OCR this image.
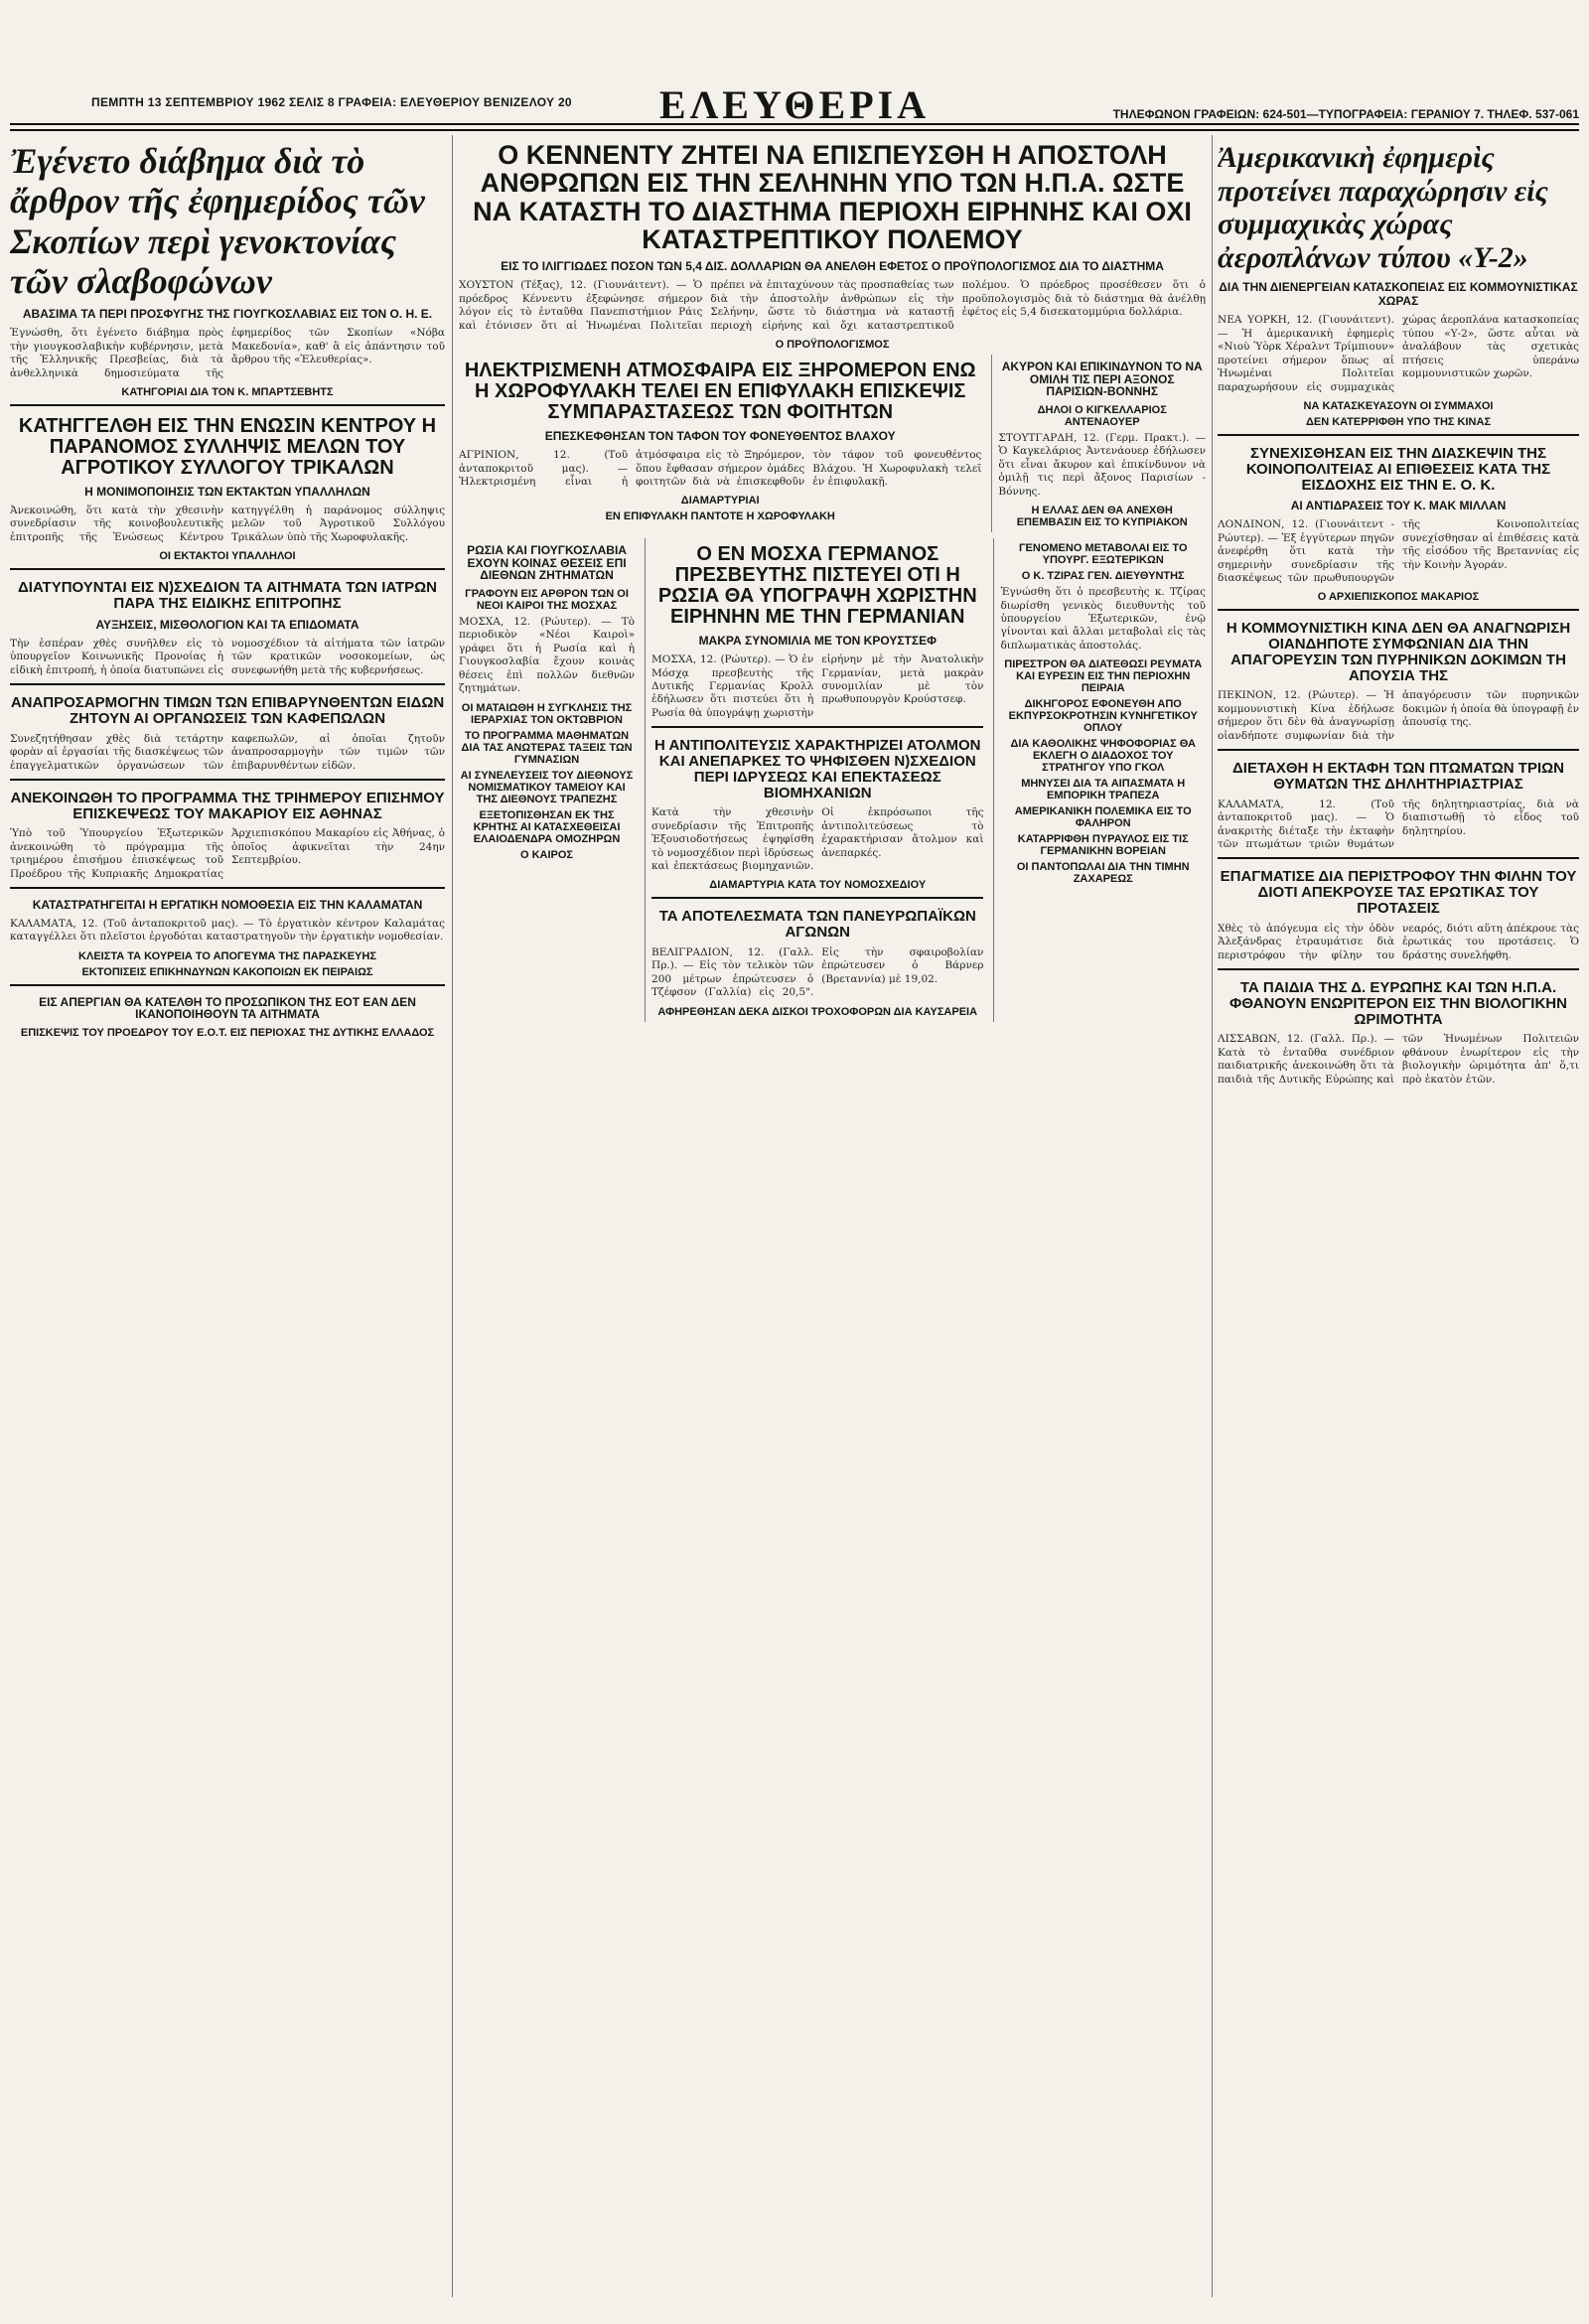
ΠΕΜΠΤΗ 13 ΣΕΠΤΕΜΒΡΙΟΥ 1962 ΣΕΛΙΣ 8 ΓΡΑΦΕΙΑ: ΕΛΕΥΘΕΡΙΟΥ ΒΕΝΙΖΕΛΟΥ 20	ΕΛΕΥΘΕΡΙΑ	ΤΗΛΕΦΩΝΟΝ ΓΡΑΦΕΙΩΝ: 624-501—ΤΥΠΟΓΡΑΦΕΙΑ: ΓΕΡΑΝΙΟΥ 7. ΤΗΛΕΦ. 537-061
Ἐγένετο διάβημα διὰ τὸ ἄρθρον τῆς ἐφημερίδος τῶν Σκοπίων περὶ γενοκτονίας τῶν σλαβοφώνων
ΑΒΑΣΙΜΑ ΤΑ ΠΕΡΙ ΠΡΟΣΦΥΓΗΣ ΤΗΣ ΓΙΟΥΓΚΟΣΛΑΒΙΑΣ ΕΙΣ ΤΟΝ Ο. Η. Ε.
Ἐγνώσθη, ὅτι ἐγένετο διάβημα πρὸς τὴν γιουγκοσλαβικὴν κυβέρνησιν, μετὰ τῆς Ἑλληνικῆς Πρεσβείας, διὰ τὰ ἀνθελληνικὰ δημοσιεύματα τῆς ἐφημερίδος τῶν Σκοπίων «Νόβα Μακεδονία», καθ' ἃ εἰς ἀπάντησιν τοῦ ἄρθρου τῆς «Ἐλευθερίας».
ΚΑΤΗΓΟΡΙΑΙ ΔΙΑ ΤΟΝ Κ. ΜΠΑΡΤΣΕΒΗΤΣ
ΚΑΤΗΓΓΕΛΘΗ ΕΙΣ ΤΗΝ ΕΝΩΣΙΝ ΚΕΝΤΡΟΥ Η ΠΑΡΑΝΟΜΟΣ ΣΥΛΛΗΨΙΣ ΜΕΛΩΝ ΤΟΥ ΑΓΡΟΤΙΚΟΥ ΣΥΛΛΟΓΟΥ ΤΡΙΚΑΛΩΝ
Η ΜΟΝΙΜΟΠΟΙΗΣΙΣ ΤΩΝ ΕΚΤΑΚΤΩΝ ΥΠΑΛΛΗΛΩΝ
Ἀνεκοινώθη, ὅτι κατὰ τὴν χθεσινὴν συνεδρίασιν τῆς κοινοβουλευτικῆς ἐπιτροπῆς τῆς Ἑνώσεως Κέντρου κατηγγέλθη ἡ παράνομος σύλληψις μελῶν τοῦ Ἀγροτικοῦ Συλλόγου Τρικάλων ὑπὸ τῆς Χωροφυλακῆς.
ΟΙ ΕΚΤΑΚΤΟΙ ΥΠΑΛΛΗΛΟΙ
ΔΙΑΤΥΠΟΥΝΤΑΙ ΕΙΣ Ν)ΣΧΕΔΙΟΝ ΤΑ ΑΙΤΗΜΑΤΑ ΤΩΝ ΙΑΤΡΩΝ ΠΑΡΑ ΤΗΣ ΕΙΔΙΚΗΣ ΕΠΙΤΡΟΠΗΣ
ΑΥΞΗΣΕΙΣ, ΜΙΣΘΟΛΟΓΙΟΝ ΚΑΙ ΤΑ ΕΠΙΔΟΜΑΤΑ
Τὴν ἑσπέραν χθὲς συνῆλθεν εἰς τὸ ὑπουργεῖον Κοινωνικῆς Προνοίας ἡ εἰδικὴ ἐπιτροπή, ἡ ὁποία διατυπώνει εἰς νομοσχέδιον τὰ αἰτήματα τῶν ἰατρῶν τῶν κρατικῶν νοσοκομείων, ὡς συνεφωνήθη μετὰ τῆς κυβερνήσεως.
ΑΝΑΠΡΟΣΑΡΜΟΓΗΝ ΤΙΜΩΝ ΤΩΝ ΕΠΙΒΑΡΥΝΘΕΝΤΩΝ ΕΙΔΩΝ ΖΗΤΟΥΝ ΑΙ ΟΡΓΑΝΩΣΕΙΣ ΤΩΝ ΚΑΦΕΠΩΛΩΝ
Συνεζητήθησαν χθὲς διὰ τετάρτην φορὰν αἱ ἐργασίαι τῆς διασκέψεως τῶν ἐπαγγελματικῶν ὀργανώσεων τῶν καφεπωλῶν, αἱ ὁποῖαι ζητοῦν ἀναπροσαρμογὴν τῶν τιμῶν τῶν ἐπιβαρυνθέντων εἰδῶν.
ΑΝΕΚΟΙΝΩΘΗ ΤΟ ΠΡΟΓΡΑΜΜΑ ΤΗΣ ΤΡΙΗΜΕΡΟΥ ΕΠΙΣΗΜΟΥ ΕΠΙΣΚΕΨΕΩΣ ΤΟΥ ΜΑΚΑΡΙΟΥ ΕΙΣ ΑΘΗΝΑΣ
Ὑπὸ τοῦ Ὑπουργείου Ἐξωτερικῶν ἀνεκοινώθη τὸ πρόγραμμα τῆς τριημέρου ἐπισήμου ἐπισκέψεως τοῦ Προέδρου τῆς Κυπριακῆς Δημοκρατίας Ἀρχιεπισκόπου Μακαρίου εἰς Ἀθήνας, ὁ ὁποῖος ἀφικνεῖται τὴν 24ην Σεπτεμβρίου.
ΚΑΤΑΣΤΡΑΤΗΓΕΙΤΑΙ Η ΕΡΓΑΤΙΚΗ ΝΟΜΟΘΕΣΙΑ ΕΙΣ ΤΗΝ ΚΑΛΑΜΑΤΑΝ
ΚΑΛΑΜΑΤΑ, 12. (Τοῦ ἀνταποκριτοῦ μας). — Τὸ ἐργατικὸν κέντρον Καλαμάτας καταγγέλλει ὅτι πλεῖστοι ἐργοδόται καταστρατηγοῦν τὴν ἐργατικὴν νομοθεσίαν.
ΚΛΕΙΣΤΑ ΤΑ ΚΟΥΡΕΙΑ ΤΟ ΑΠΟΓΕΥΜΑ ΤΗΣ ΠΑΡΑΣΚΕΥΗΣ
ΕΚΤΟΠΙΣΕΙΣ ΕΠΙΚΗΝΔΥΝΩΝ ΚΑΚΟΠΟΙΩΝ ΕΚ ΠΕΙΡΑΙΩΣ
ΕΙΣ ΑΠΕΡΓΙΑΝ ΘΑ ΚΑΤΕΛΘΗ ΤΟ ΠΡΟΣΩΠΙΚΟΝ ΤΗΣ ΕΟΤ ΕΑΝ ΔΕΝ ΙΚΑΝΟΠΟΙΗΘΟΥΝ ΤΑ ΑΙΤΗΜΑΤΑ
ΕΠΙΣΚΕΨΙΣ ΤΟΥ ΠΡΟΕΔΡΟΥ ΤΟΥ Ε.Ο.Τ. ΕΙΣ ΠΕΡΙΟΧΑΣ ΤΗΣ ΔΥΤΙΚΗΣ ΕΛΛΑΔΟΣ
Ο ΚΕΝΝΕΝΤΥ ΖΗΤΕΙ ΝΑ ΕΠΙΣΠΕΥΣΘΗ Η ΑΠΟΣΤΟΛΗ ΑΝΘΡΩΠΩΝ ΕΙΣ ΤΗΝ ΣΕΛΗΝΗΝ ΥΠΟ ΤΩΝ Η.Π.Α. ΩΣΤΕ ΝΑ ΚΑΤΑΣΤΗ ΤΟ ΔΙΑΣΤΗΜΑ ΠΕΡΙΟΧΗ ΕΙΡΗΝΗΣ ΚΑΙ ΟΧΙ ΚΑΤΑΣΤΡΕΠΤΙΚΟΥ ΠΟΛΕΜΟΥ
ΕΙΣ ΤΟ ΙΛΙΓΓΙΩΔΕΣ ΠΟΣΟΝ ΤΩΝ 5,4 ΔΙΣ. ΔΟΛΛΑΡΙΩΝ ΘΑ ΑΝΕΛΘΗ ΕΦΕΤΟΣ Ο ΠΡΟΫΠΟΛΟΓΙΣΜΟΣ ΔΙΑ ΤΟ ΔΙΑΣΤΗΜΑ
ΧΟΥΣΤΟΝ (Τέξας), 12. (Γιουνάιτεντ). — Ὁ πρόεδρος Κέννεντυ ἐξεφώνησε σήμερον λόγον εἰς τὸ ἐνταῦθα Πανεπιστήμιον Ράις καὶ ἐτόνισεν ὅτι αἱ Ἡνωμέναι Πολιτεῖαι πρέπει νὰ ἐπιταχύνουν τὰς προσπαθείας των διὰ τὴν ἀποστολὴν ἀνθρώπων εἰς τὴν Σελήνην, ὥστε τὸ διάστημα νὰ καταστῇ περιοχὴ εἰρήνης καὶ ὄχι καταστρεπτικοῦ πολέμου. Ὁ πρόεδρος προσέθεσεν ὅτι ὁ προϋπολογισμὸς διὰ τὸ διάστημα θὰ ἀνέλθῃ ἐφέτος εἰς 5,4 δισεκατομμύρια δολλάρια.
Ο ΠΡΟΫΠΟΛΟΓΙΣΜΟΣ
ΗΛΕΚΤΡΙΣΜΕΝΗ ΑΤΜΟΣΦΑΙΡΑ ΕΙΣ ΞΗΡΟΜΕΡΟΝ ΕΝΩ Η ΧΩΡΟΦΥΛΑΚΗ ΤΕΛΕΙ ΕΝ ΕΠΙΦΥΛΑΚΗ ΕΠΙΣΚΕΨΙΣ ΣΥΜΠΑΡΑΣΤΑΣΕΩΣ ΤΩΝ ΦΟΙΤΗΤΩΝ
ΕΠΕΣΚΕΦΘΗΣΑΝ ΤΟΝ ΤΑΦΟΝ ΤΟΥ ΦΟΝΕΥΘΕΝΤΟΣ ΒΛΑΧΟΥ
ΑΓΡΙΝΙΟΝ, 12. (Τοῦ ἀνταποκριτοῦ μας). — Ἠλεκτρισμένη εἶναι ἡ ἀτμόσφαιρα εἰς τὸ Ξηρόμερον, ὅπου ἔφθασαν σήμερον ὁμάδες φοιτητῶν διὰ νὰ ἐπισκεφθοῦν τὸν τάφον τοῦ φονευθέντος Βλάχου. Ἡ Χωροφυλακὴ τελεῖ ἐν ἐπιφυλακῇ.
ΔΙΑΜΑΡΤΥΡΙΑΙ
ΕΝ ΕΠΙΦΥΛΑΚΗ ΠΑΝΤΟΤΕ Η ΧΩΡΟΦΥΛΑΚΗ
ΑΚΥΡΟΝ ΚΑΙ ΕΠΙΚΙΝΔΥΝΟΝ ΤΟ ΝΑ ΟΜΙΛΗ ΤΙΣ ΠΕΡΙ ΑΞΟΝΟΣ ΠΑΡΙΣΙΩΝ-ΒΟΝΝΗΣ
ΔΗΛΟΙ Ο ΚΙΓΚΕΛΛΑΡΙΟΣ ΑΝΤΕΝΑΟΥΕΡ
ΣΤΟΥΤΓΑΡΔΗ, 12. (Γερμ. Πρακτ.). — Ὁ Καγκελάριος Ἀντενάουερ ἐδήλωσεν ὅτι εἶναι ἄκυρον καὶ ἐπικίνδυνον νὰ ὁμιλῇ τις περὶ ἄξονος Παρισίων - Βόννης.
Η ΕΛΛΑΣ ΔΕΝ ΘΑ ΑΝΕΧΘΗ ΕΠΕΜΒΑΣΙΝ ΕΙΣ ΤΟ ΚΥΠΡΙΑΚΟΝ
ΡΩΣΙΑ ΚΑΙ ΓΙΟΥΓΚΟΣΛΑΒΙΑ ΕΧΟΥΝ ΚΟΙΝΑΣ ΘΕΣΕΙΣ ΕΠΙ ΔΙΕΘΝΩΝ ΖΗΤΗΜΑΤΩΝ
ΓΡΑΦΟΥΝ ΕΙΣ ΑΡΘΡΟΝ ΤΩΝ ΟΙ ΝΕΟΙ ΚΑΙΡΟΙ ΤΗΣ ΜΟΣΧΑΣ
ΜΟΣΧΑ, 12. (Ρώυτερ). — Τὸ περιοδικὸν «Νέοι Καιροὶ» γράφει ὅτι ἡ Ρωσία καὶ ἡ Γιουγκοσλαβία ἔχουν κοινὰς θέσεις ἐπὶ πολλῶν διεθνῶν ζητημάτων.
ΟΙ ΜΑΤΑΙΩΘΗ Η ΣΥΓΚΛΗΣΙΣ ΤΗΣ ΙΕΡΑΡΧΙΑΣ ΤΟΝ ΟΚΤΩΒΡΙΟΝ
ΤΟ ΠΡΟΓΡΑΜΜΑ ΜΑΘΗΜΑΤΩΝ ΔΙΑ ΤΑΣ ΑΝΩΤΕΡΑΣ ΤΑΞΕΙΣ ΤΩΝ ΓΥΜΝΑΣΙΩΝ
ΑΙ ΣΥΝΕΛΕΥΣΕΙΣ ΤΟΥ ΔΙΕΘΝΟΥΣ ΝΟΜΙΣΜΑΤΙΚΟΥ ΤΑΜΕΙΟΥ ΚΑΙ ΤΗΣ ΔΙΕΘΝΟΥΣ ΤΡΑΠΕΖΗΣ
ΕΞΕΤΟΠΙΣΘΗΣΑΝ ΕΚ ΤΗΣ ΚΡΗΤΗΣ ΑΙ ΚΑΤΑΣΧΕΘΕΙΣΑΙ ΕΛΑΙΟΔΕΝΔΡΑ ΟΜΟΖΗΡΩΝ
Ο ΚΑΙΡΟΣ
Ο ΕΝ ΜΟΣΧΑ ΓΕΡΜΑΝΟΣ ΠΡΕΣΒΕΥΤΗΣ ΠΙΣΤΕΥΕΙ ΟΤΙ Η ΡΩΣΙΑ ΘΑ ΥΠΟΓΡΑΨΗ ΧΩΡΙΣΤΗΝ ΕΙΡΗΝΗΝ ΜΕ ΤΗΝ ΓΕΡΜΑΝΙΑΝ
ΜΑΚΡΑ ΣΥΝΟΜΙΛΙΑ ΜΕ ΤΟΝ ΚΡΟΥΣΤΣΕΦ
ΜΟΣΧΑ, 12. (Ρώυτερ). — Ὁ ἐν Μόσχᾳ πρεσβευτὴς τῆς Δυτικῆς Γερμανίας Κρολλ ἐδήλωσεν ὅτι πιστεύει ὅτι ἡ Ρωσία θὰ ὑπογράψῃ χωριστὴν εἰρήνην μὲ τὴν Ἀνατολικὴν Γερμανίαν, μετὰ μακρὰν συνομιλίαν μὲ τὸν πρωθυπουργὸν Κρούστσεφ.
Η ΑΝΤΙΠΟΛΙΤΕΥΣΙΣ ΧΑΡΑΚΤΗΡΙΖΕΙ ΑΤΟΛΜΟΝ ΚΑΙ ΑΝΕΠΑΡΚΕΣ ΤΟ ΨΗΦΙΣΘΕΝ Ν)ΣΧΕΔΙΟΝ ΠΕΡΙ ΙΔΡΥΣΕΩΣ ΚΑΙ ΕΠΕΚΤΑΣΕΩΣ ΒΙΟΜΗΧΑΝΙΩΝ
Κατὰ τὴν χθεσινὴν συνεδρίασιν τῆς Ἐπιτροπῆς Ἐξουσιοδοτήσεως ἐψηφίσθη τὸ νομοσχέδιον περὶ ἱδρύσεως καὶ ἐπεκτάσεως βιομηχανιῶν. Οἱ ἐκπρόσωποι τῆς ἀντιπολιτεύσεως τὸ ἐχαρακτήρισαν ἄτολμον καὶ ἀνεπαρκές.
ΔΙΑΜΑΡΤΥΡΙΑ ΚΑΤΑ ΤΟΥ ΝΟΜΟΣΧΕΔΙΟΥ
ΤΑ ΑΠΟΤΕΛΕΣΜΑΤΑ ΤΩΝ ΠΑΝΕΥΡΩΠΑΪΚΩΝ ΑΓΩΝΩΝ
ΒΕΛΙΓΡΑΔΙΟΝ, 12. (Γαλλ. Πρ.). — Εἰς τὸν τελικὸν τῶν 200 μέτρων ἐπρώτευσεν ὁ Τζέφσον (Γαλλία) εἰς 20,5". Εἰς τὴν σφαιροβολίαν ἐπρώτευσεν ὁ Βάρνερ (Βρεταννία) μὲ 19,02.
ΑΦΗΡΕΘΗΣΑΝ ΔΕΚΑ ΔΙΣΚΟΙ ΤΡΟΧΟΦΟΡΩΝ ΔΙΑ ΚΑΥΣΑΡΕΙΑ
ΓΕΝΟΜΕΝΟ ΜΕΤΑΒΟΛΑΙ ΕΙΣ ΤΟ ΥΠΟΥΡΓ. ΕΞΩΤΕΡΙΚΩΝ
Ο Κ. ΤΖΙΡΑΣ ΓΕΝ. ΔΙΕΥΘΥΝΤΗΣ
Ἐγνώσθη ὅτι ὁ πρεσβευτὴς κ. Τζίρας διωρίσθη γενικὸς διευθυντὴς τοῦ ὑπουργείου Ἐξωτερικῶν, ἐνῷ γίνονται καὶ ἄλλαι μεταβολαὶ εἰς τὰς διπλωματικὰς ἀποστολάς.
ΠΙΡΕΣΤΡΟΝ ΘΑ ΔΙΑΤΕΘΩΣΙ ΡΕΥΜΑΤΑ ΚΑΙ ΕΥΡΕΣΙΝ ΕΙΣ ΤΗΝ ΠΕΡΙΟΧΗΝ ΠΕΙΡΑΙΑ
ΔΙΚΗΓΟΡΟΣ ΕΦΟΝΕΥΘΗ ΑΠΟ ΕΚΠΥΡΣΟΚΡΟΤΗΣΙΝ ΚΥΝΗΓΕΤΙΚΟΥ ΟΠΛΟΥ
ΔΙΑ ΚΑΘΟΛΙΚΗΣ ΨΗΦΟΦΟΡΙΑΣ ΘΑ ΕΚΛΕΓΗ Ο ΔΙΑΔΟΧΟΣ ΤΟΥ ΣΤΡΑΤΗΓΟΥ ΥΠΟ ΓΚΟΛ
ΜΗΝΥΣΕΙ ΔΙΑ ΤΑ ΑΙΠΑΣΜΑΤΑ Η ΕΜΠΟΡΙΚΗ ΤΡΑΠΕΖΑ
ΑΜΕΡΙΚΑΝΙΚΗ ΠΟΛΕΜΙΚΑ ΕΙΣ ΤΟ ΦΑΛΗΡΟΝ
ΚΑΤΑΡΡΙΦΘΗ ΠΥΡΑΥΛΟΣ ΕΙΣ ΤΙΣ ΓΕΡΜΑΝΙΚΗΝ ΒΟΡΕΙΑΝ
ΟΙ ΠΑΝΤΟΠΩΛΑΙ ΔΙΑ ΤΗΝ ΤΙΜΗΝ ΖΑΧΑΡΕΩΣ
Ἀμερικανικὴ ἐφημερὶς προτείνει παραχώρησιν εἰς συμμαχικὰς χώρας ἀεροπλάνων τύπου «Υ-2»
ΔΙΑ ΤΗΝ ΔΙΕΝΕΡΓΕΙΑΝ ΚΑΤΑΣΚΟΠΕΙΑΣ ΕΙΣ ΚΟΜΜΟΥΝΙΣΤΙΚΑΣ ΧΩΡΑΣ
ΝΕΑ ΥΟΡΚΗ, 12. (Γιουνάιτεντ). — Ἡ ἀμερικανικὴ ἐφημερὶς «Νιοὺ Ὑὸρκ Χέραλντ Τρίμπιουν» προτείνει σήμερον ὅπως αἱ Ἡνωμέναι Πολιτεῖαι παραχωρήσουν εἰς συμμαχικὰς χώρας ἀεροπλάνα κατασκοπείας τύπου «Υ-2», ὥστε αὗται νὰ ἀναλάβουν τὰς σχετικὰς πτήσεις ὑπεράνω κομμουνιστικῶν χωρῶν.
ΝΑ ΚΑΤΑΣΚΕΥΑΣΟΥΝ ΟΙ ΣΥΜΜΑΧΟΙ
ΔΕΝ ΚΑΤΕΡΡΙΦΘΗ ΥΠΟ ΤΗΣ ΚΙΝΑΣ
ΣΥΝΕΧΙΣΘΗΣΑΝ ΕΙΣ ΤΗΝ ΔΙΑΣΚΕΨΙΝ ΤΗΣ ΚΟΙΝΟΠΟΛΙΤΕΙΑΣ ΑΙ ΕΠΙΘΕΣΕΙΣ ΚΑΤΑ ΤΗΣ ΕΙΣΔΟΧΗΣ ΕΙΣ ΤΗΝ Ε. Ο. Κ.
ΑΙ ΑΝΤΙΔΡΑΣΕΙΣ ΤΟΥ Κ. ΜΑΚ ΜΙΛΛΑΝ
ΛΟΝΔΙΝΟΝ, 12. (Γιουνάιτεντ - Ρώυτερ). — Ἐξ ἐγγύτερων πηγῶν ἀνεφέρθη ὅτι κατὰ τὴν σημερινὴν συνεδρίασιν τῆς διασκέψεως τῶν πρωθυπουργῶν τῆς Κοινοπολιτείας συνεχίσθησαν αἱ ἐπιθέσεις κατὰ τῆς εἰσόδου τῆς Βρεταννίας εἰς τὴν Κοινὴν Ἀγοράν.
Ο ΑΡΧΙΕΠΙΣΚΟΠΟΣ ΜΑΚΑΡΙΟΣ
Η ΚΟΜΜΟΥΝΙΣΤΙΚΗ ΚΙΝΑ ΔΕΝ ΘΑ ΑΝΑΓΝΩΡΙΣΗ ΟΙΑΝΔΗΠΟΤΕ ΣΥΜΦΩΝΙΑΝ ΔΙΑ ΤΗΝ ΑΠΑΓΟΡΕΥΣΙΝ ΤΩΝ ΠΥΡΗΝΙΚΩΝ ΔΟΚΙΜΩΝ ΤΗ ΑΠΟΥΣΙΑ ΤΗΣ
ΠΕΚΙΝΟΝ, 12. (Ρώυτερ). — Ἡ κομμουνιστικὴ Κίνα ἐδήλωσε σήμερον ὅτι δὲν θὰ ἀναγνωρίσῃ οἱανδήποτε συμφωνίαν διὰ τὴν ἀπαγόρευσιν τῶν πυρηνικῶν δοκιμῶν ἡ ὁποία θὰ ὑπογραφῇ ἐν ἀπουσίᾳ της.
ΔΙΕΤΑΧΘΗ Η ΕΚΤΑΦΗ ΤΩΝ ΠΤΩΜΑΤΩΝ ΤΡΙΩΝ ΘΥΜΑΤΩΝ ΤΗΣ ΔΗΛΗΤΗΡΙΑΣΤΡΙΑΣ
ΚΑΛΑΜΑΤΑ, 12. (Τοῦ ἀνταποκριτοῦ μας). — Ὁ ἀνακριτὴς διέταξε τὴν ἐκταφὴν τῶν πτωμάτων τριῶν θυμάτων τῆς δηλητηριαστρίας, διὰ νὰ διαπιστωθῇ τὸ εἶδος τοῦ δηλητηρίου.
ΕΠΑΓΜΑΤΙΣΕ ΔΙΑ ΠΕΡΙΣΤΡΟΦΟΥ ΤΗΝ ΦΙΛΗΝ ΤΟΥ ΔΙΟΤΙ ΑΠΕΚΡΟΥΣΕ ΤΑΣ ΕΡΩΤΙΚΑΣ ΤΟΥ ΠΡΟΤΑΣΕΙΣ
Χθὲς τὸ ἀπόγευμα εἰς τὴν ὁδὸν Ἀλεξάνδρας ἐτραυμάτισε διὰ περιστρόφου τὴν φίλην του νεαρός, διότι αὕτη ἀπέκρουε τὰς ἐρωτικάς του προτάσεις. Ὁ δράστης συνελήφθη.
ΤΑ ΠΑΙΔΙΑ ΤΗΣ Δ. ΕΥΡΩΠΗΣ ΚΑΙ ΤΩΝ Η.Π.Α. ΦΘΑΝΟΥΝ ΕΝΩΡΙΤΕΡΟΝ ΕΙΣ ΤΗΝ ΒΙΟΛΟΓΙΚΗΝ ΩΡΙΜΟΤΗΤΑ
ΛΙΣΣΑΒΩΝ, 12. (Γαλλ. Πρ.). — Κατὰ τὸ ἐνταῦθα συνέδριον παιδιατρικῆς ἀνεκοινώθη ὅτι τὰ παιδιὰ τῆς Δυτικῆς Εὐρώπης καὶ τῶν Ἡνωμένων Πολιτειῶν φθάνουν ἐνωρίτερον εἰς τὴν βιολογικὴν ὡριμότητα ἀπ' ὅ,τι πρὸ ἑκατὸν ἐτῶν.
